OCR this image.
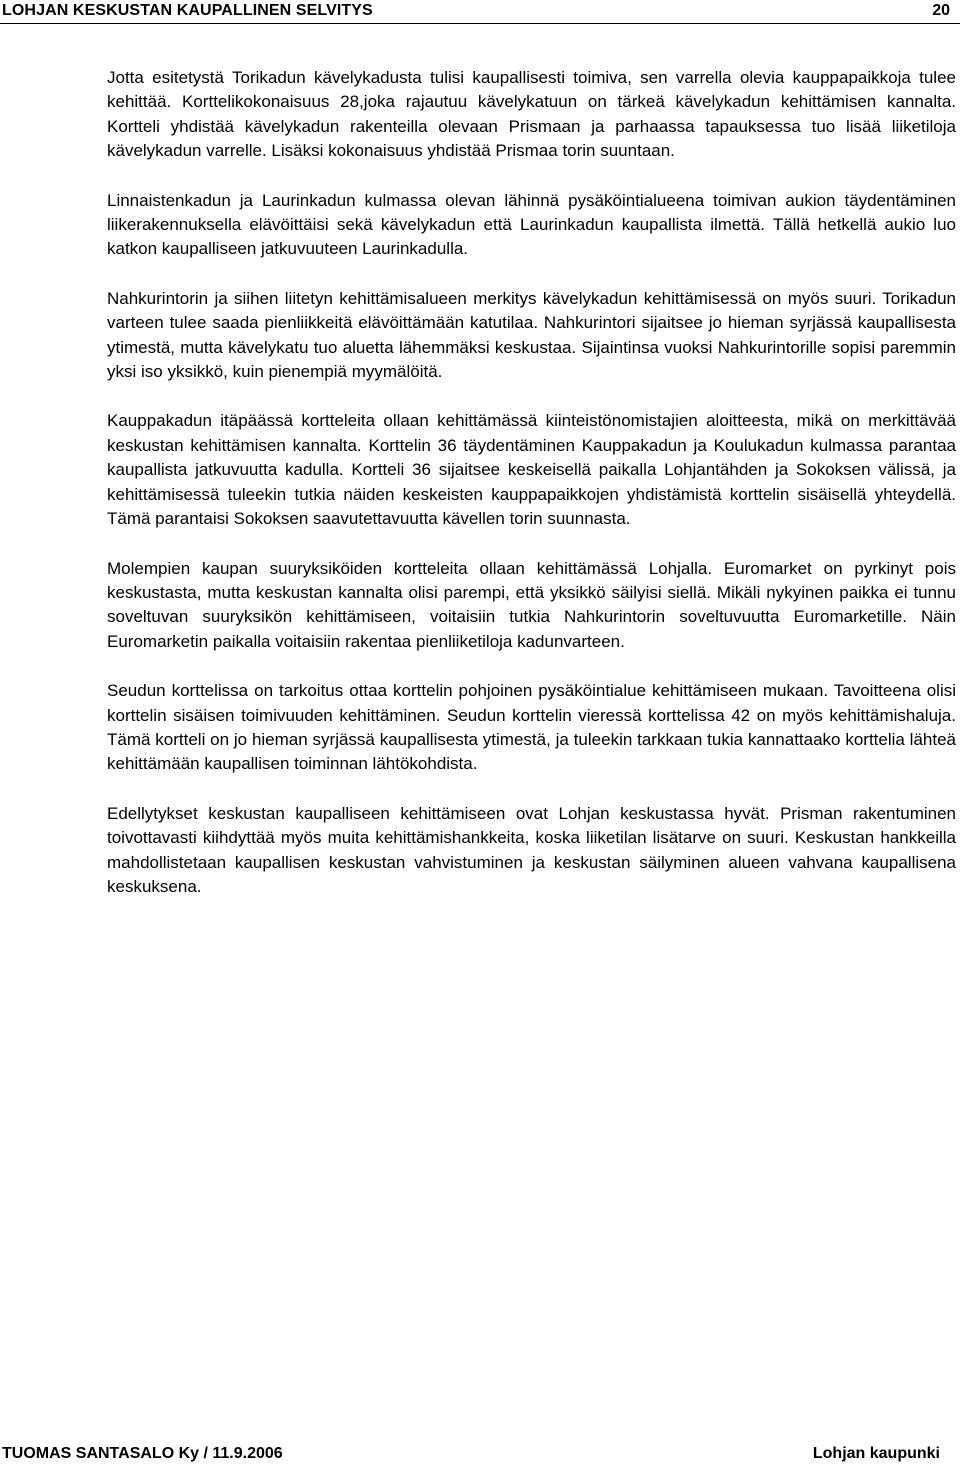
LOHJAN KESKUSTAN KAUPALLINEN SELVITYS	20

Jotta esitetystä Torikadun kävelykadusta tulisi kaupallisesti toimiva, sen varrella olevia kauppapaikkoja tulee kehittää. Korttelikokonaisuus 28,joka rajautuu kävelykatuun on tärkeä kävelykadun kehittämisen kannalta. Kortteli yhdistää kävelykadun rakenteilla olevaan Prismaan ja parhaassa tapauksessa tuo lisää liiketiloja kävelykadun varrelle. Lisäksi kokonaisuus yhdistää Prismaa torin suuntaan.

Linnaistenkadun ja Laurinkadun kulmassa olevan lähinnä pysäköintialueena toimivan aukion täydentäminen liikerakennuksella elävöittäisi sekä kävelykadun että Laurinkadun kaupallista ilmettä. Tällä hetkellä aukio luo katkon kaupalliseen jatkuvuuteen Laurinkadulla.

Nahkurintorin ja siihen liitetyn kehittämisalueen merkitys kävelykadun kehittämisessä on myös suuri. Torikadun varteen tulee saada pienliikkeitä elävöittämään katutilaa. Nahkurintori sijaitsee jo hieman syrjässä kaupallisesta ytimestä, mutta kävelykatu tuo aluetta lähemmäksi keskustaa. Sijaintinsa vuoksi Nahkurintorille sopisi paremmin yksi iso yksikkö, kuin pienempiä myymälöitä.

Kauppakadun itäpäässä kortteleita ollaan kehittämässä kiinteistönomistajien aloitteesta, mikä on merkittävää keskustan kehittämisen kannalta. Korttelin 36 täydentäminen Kauppakadun ja Koulukadun kulmassa parantaa kaupallista jatkuvuutta kadulla. Kortteli 36 sijaitsee keskeisellä paikalla Lohjantähden ja Sokoksen välissä, ja kehittämisessä tuleekin tutkia näiden keskeisten kauppapaikkojen yhdistämistä korttelin sisäisellä yhteydellä. Tämä parantaisi Sokoksen saavutettavuutta kävellen torin suunnasta.

Molempien kaupan suuryksiköiden kortteleita ollaan kehittämässä Lohjalla. Euromarket on pyrkinyt pois keskustasta, mutta keskustan kannalta olisi parempi, että yksikkö säilyisi siellä. Mikäli nykyinen paikka ei tunnu soveltuvan suuryksikön kehittämiseen, voitaisiin tutkia Nahkurintorin soveltuvuutta Euromarketille. Näin Euromarketin paikalla voitaisiin rakentaa pienliiketiloja kadunvarteen.

Seudun korttelissa on tarkoitus ottaa korttelin pohjoinen pysäköintialue kehittämiseen mukaan. Tavoitteena olisi korttelin sisäisen toimivuuden kehittäminen. Seudun korttelin vieressä korttelissa 42 on myös kehittämishaluja. Tämä kortteli on jo hieman syrjässä kaupallisesta ytimestä, ja tuleekin tarkkaan tukia kannattaako korttelia lähteä kehittämään kaupallisen toiminnan lähtökohdista.

Edellytykset keskustan kaupalliseen kehittämiseen ovat Lohjan keskustassa hyvät. Prisman rakentuminen toivottavasti kiihdyttää myös muita kehittämishankkeita, koska liiketilan lisätarve on suuri. Keskustan hankkeilla mahdollistetaan kaupallisen keskustan vahvistuminen ja keskustan säilyminen alueen vahvana kaupallisena keskuksena.

TUOMAS SANTASALO Ky / 11.9.2006	Lohjan kaupunki
